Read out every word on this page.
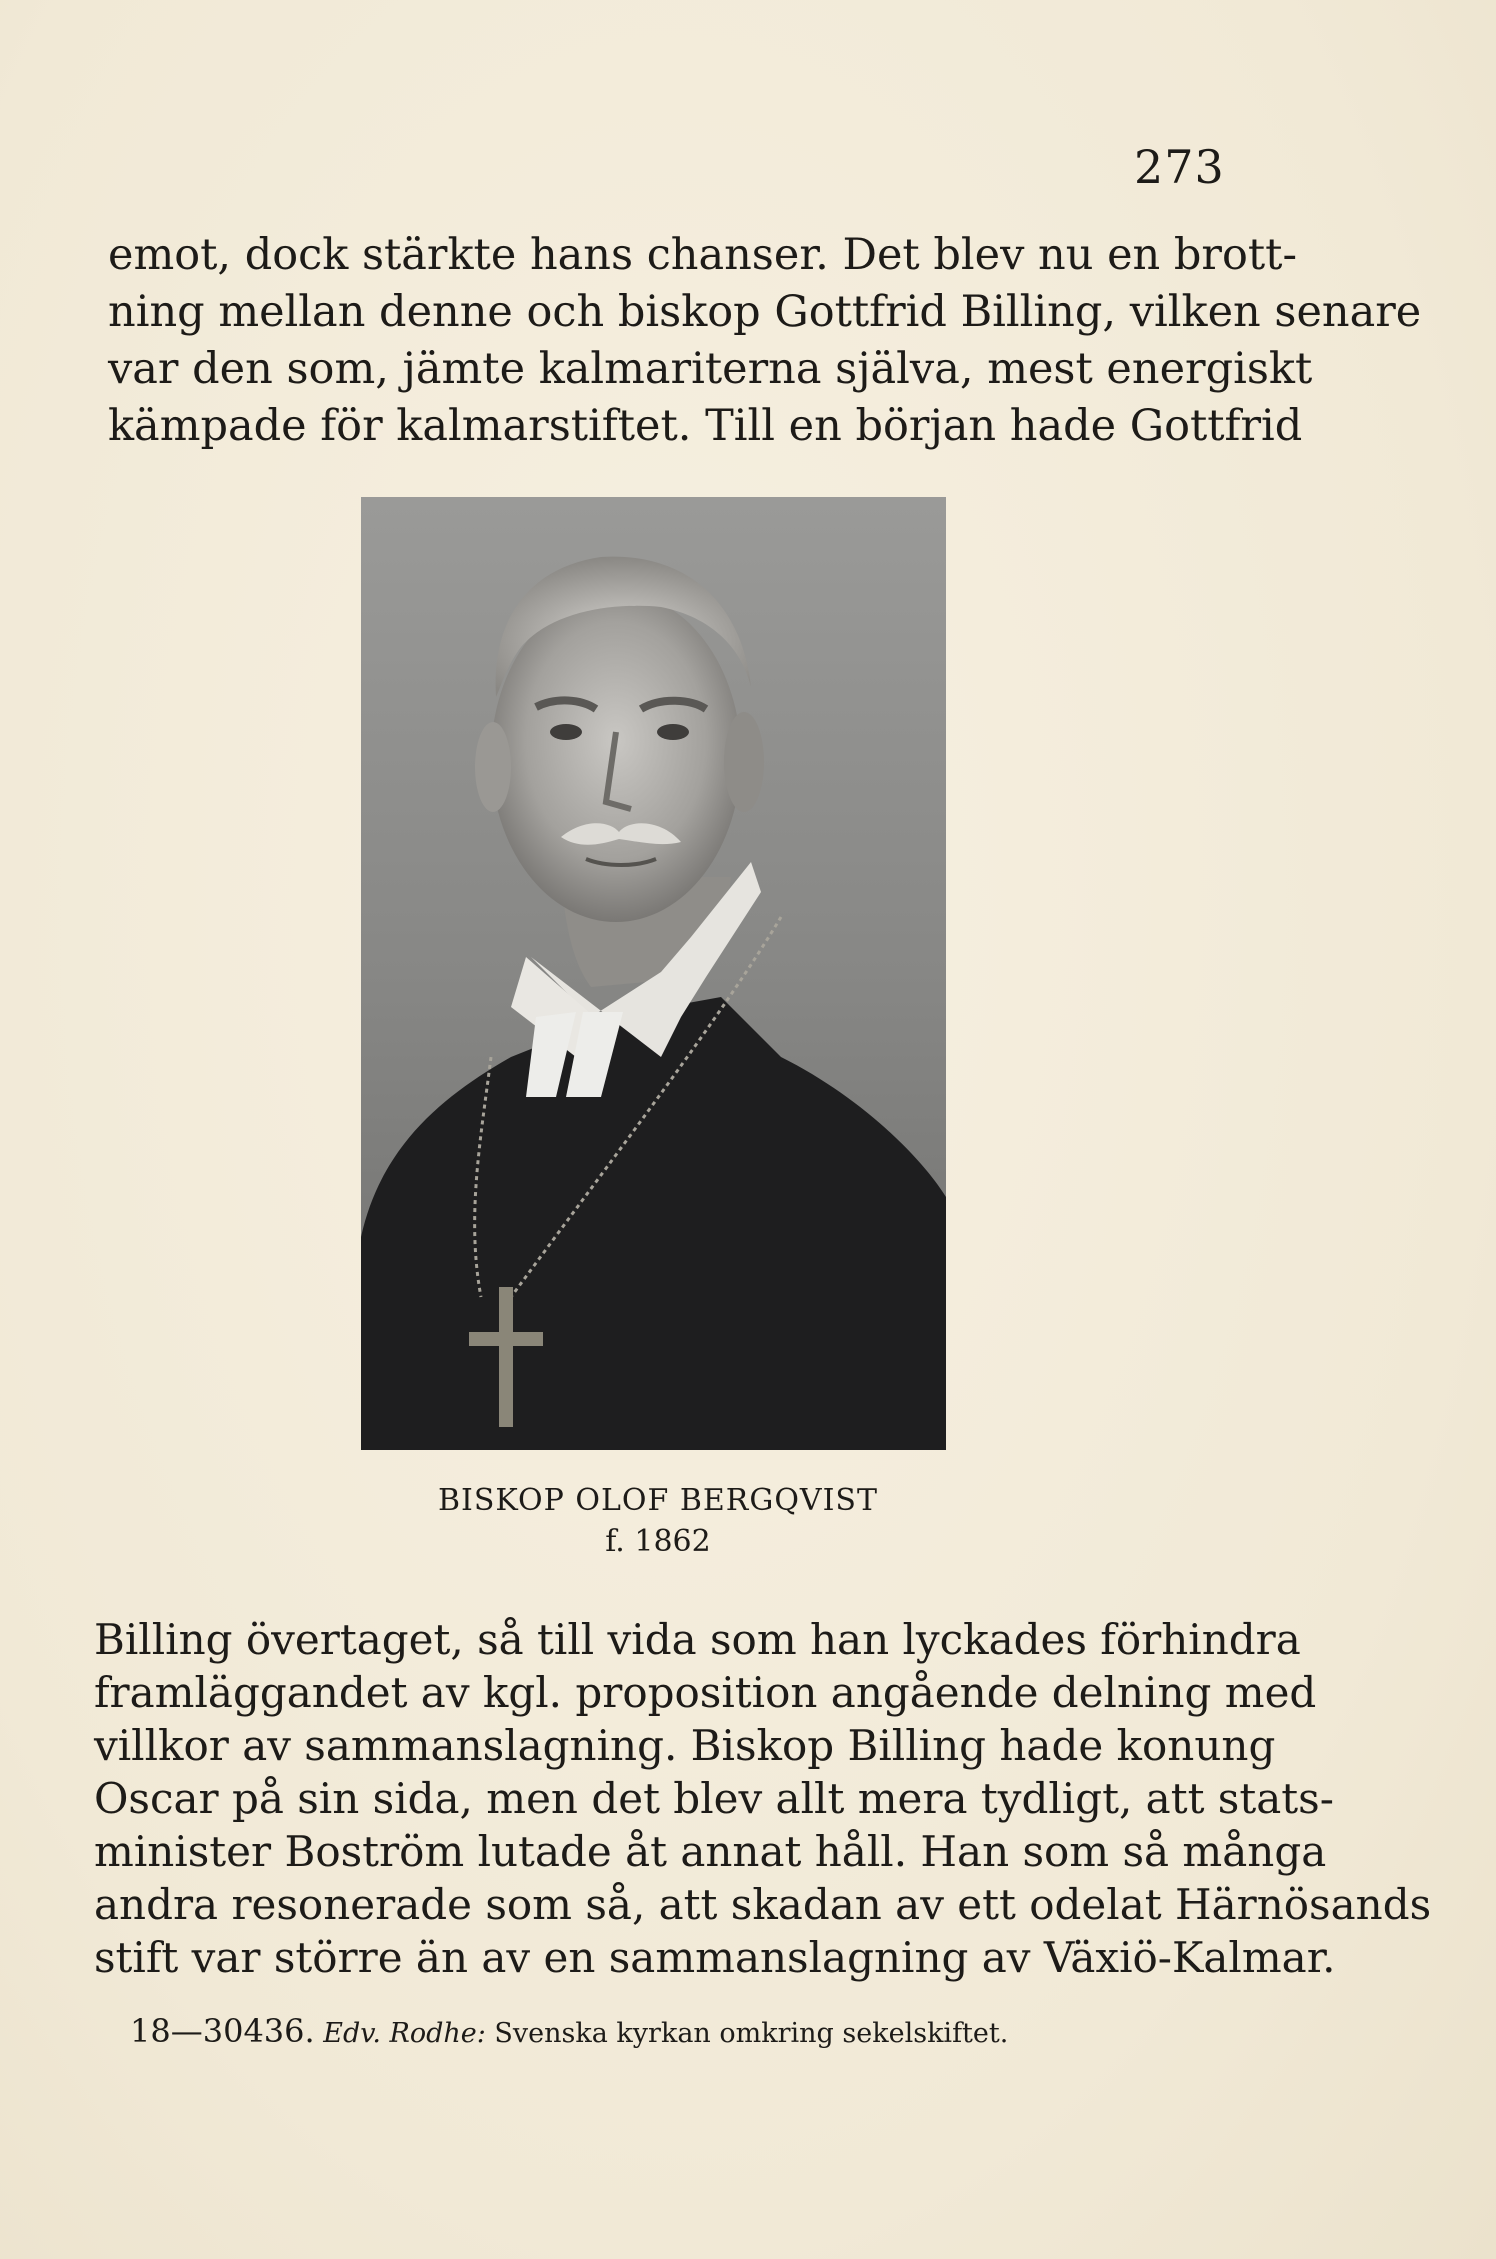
273
emot, dock stärkte hans chanser. Det blev nu en brott-
ning mellan denne och biskop Gottfrid Billing, vilken senare
var den som, jämte kalmariterna själva, mest energiskt
kämpade för kalmarstiftet. Till en början hade Gottfrid
BISKOP OLOF BERGQVIST
f. 1862
Billing övertaget, så till vida som han lyckades förhindra
framläggandet av kgl. proposition angående delning med
villkor av sammanslagning. Biskop Billing hade konung
Oscar på sin sida, men det blev allt mera tydligt, att stats-
minister Boström lutade åt annat håll. Han som så många
andra resonerade som så, att skadan av ett odelat Härnösands
stift var större än av en sammanslagning av Växiö-Kalmar.
18—30436. Edv. Rodhe: Svenska kyrkan omkring sekelskiftet.
